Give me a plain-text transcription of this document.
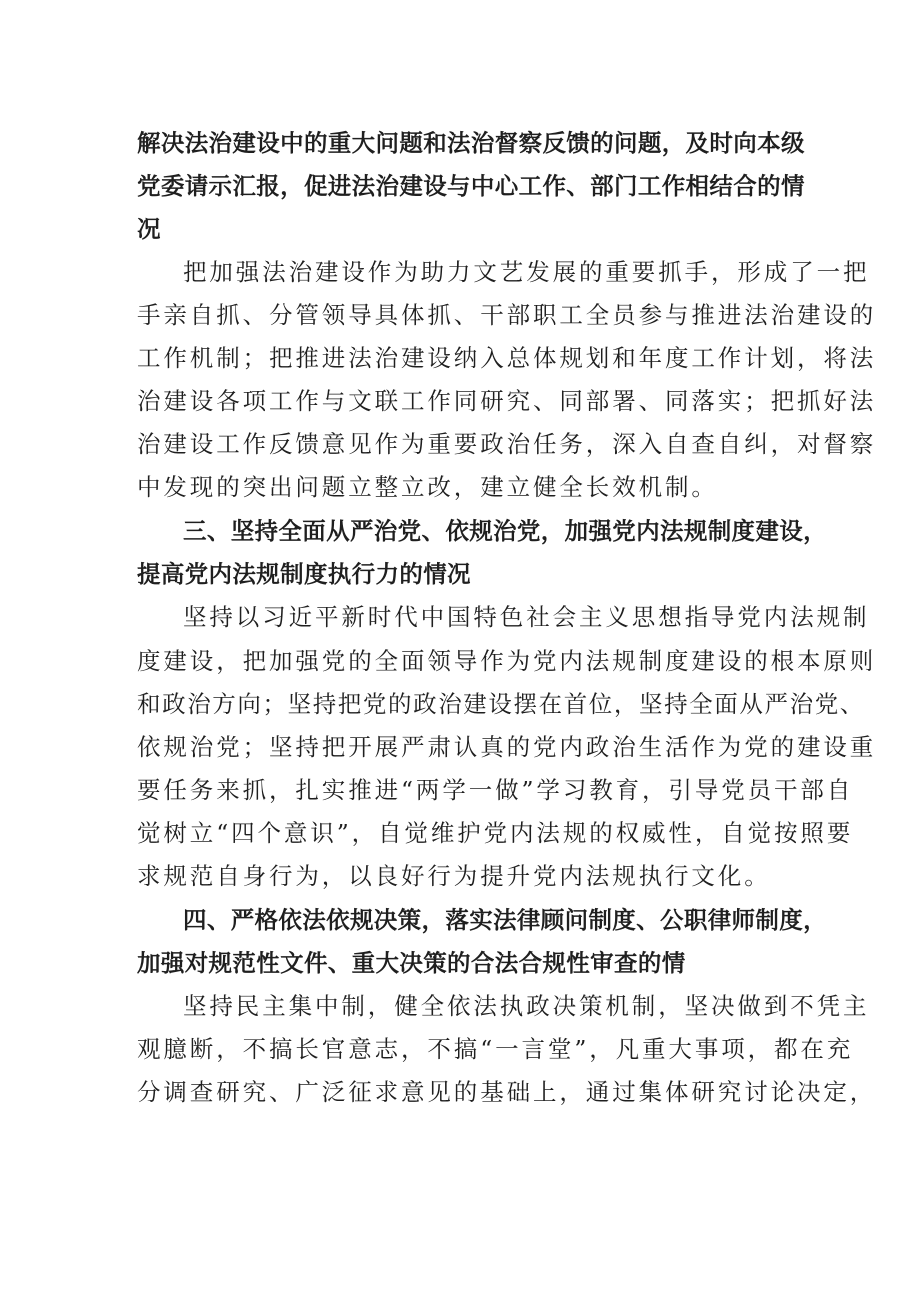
解决法治建设中的重大问题和法治督察反馈的问题，及时向本级
党委请示汇报，促进法治建设与中心工作、部门工作相结合的情
况
把加强法治建设作为助力文艺发展的重要抓手，形成了一把
手亲自抓、分管领导具体抓、干部职工全员参与推进法治建设的
工作机制；把推进法治建设纳入总体规划和年度工作计划，将法
治建设各项工作与文联工作同研究、同部署、同落实；把抓好法
治建设工作反馈意见作为重要政治任务，深入自查自纠，对督察
中发现的突出问题立整立改，建立健全长效机制。
三、坚持全面从严治党、依规治党，加强党内法规制度建设，
提高党内法规制度执行力的情况
坚持以习近平新时代中国特色社会主义思想指导党内法规制
度建设，把加强党的全面领导作为党内法规制度建设的根本原则
和政治方向；坚持把党的政治建设摆在首位，坚持全面从严治党、
依规治党；坚持把开展严肃认真的党内政治生活作为党的建设重
要任务来抓，扎实推进“两学一做”学习教育，引导党员干部自
觉树立“四个意识”，自觉维护党内法规的权威性，自觉按照要
求规范自身行为，以良好行为提升党内法规执行文化。
四、严格依法依规决策，落实法律顾问制度、公职律师制度，
加强对规范性文件、重大决策的合法合规性审查的情
坚持民主集中制，健全依法执政决策机制，坚决做到不凭主
观臆断，不搞长官意志，不搞“一言堂”，凡重大事项，都在充
分调查研究、广泛征求意见的基础上，通过集体研究讨论决定，
